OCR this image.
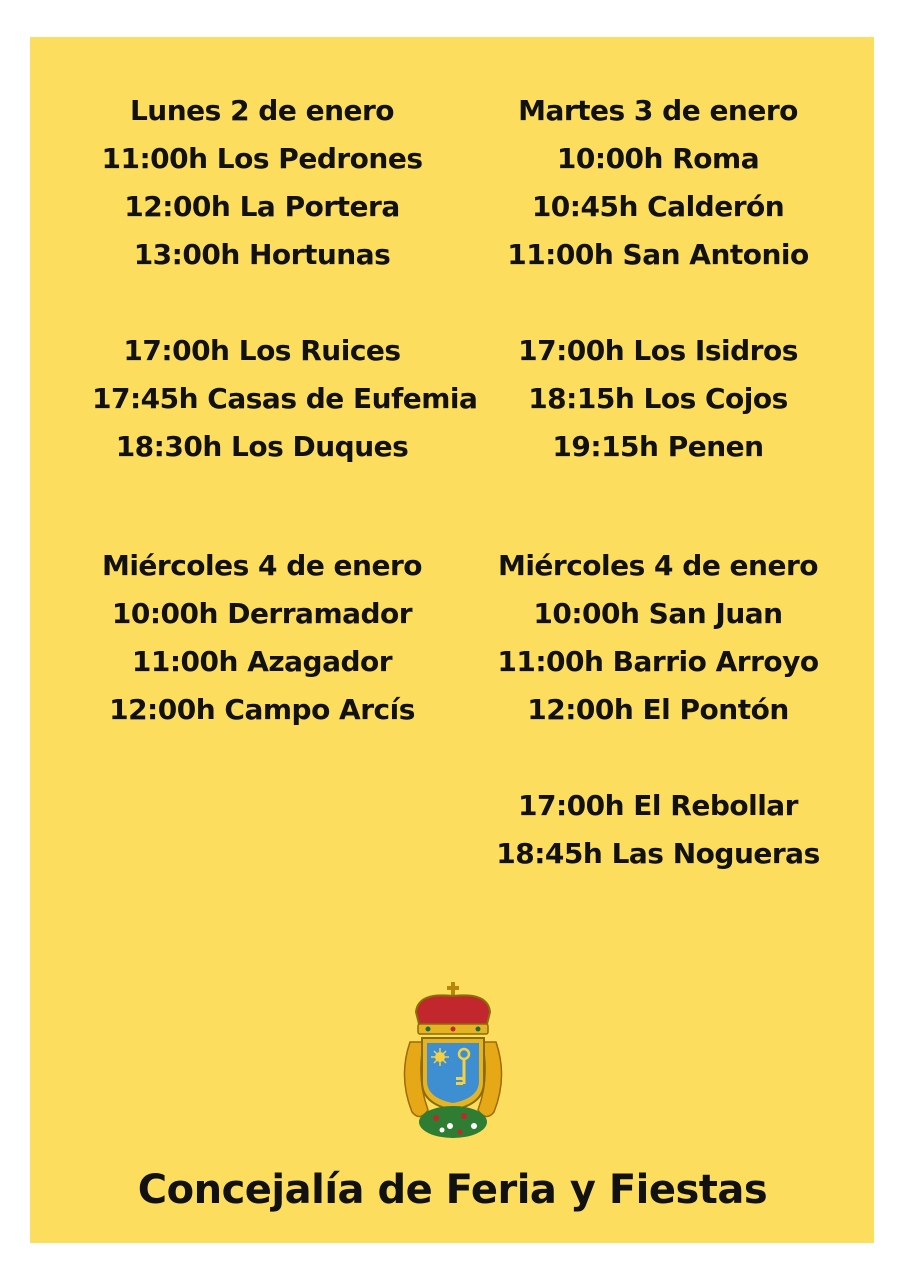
Lunes 2 de enero
11:00h Los Pedrones
12:00h La Portera
13:00h Hortunas
17:00h Los Ruices
17:45h Casas de Eufemia
18:30h Los Duques
Martes 3 de enero
10:00h Roma
10:45h Calderón
11:00h San Antonio
17:00h Los Isidros
18:15h Los Cojos
19:15h Penen
Miércoles 4 de enero
10:00h Derramador
11:00h Azagador
12:00h Campo Arcís
Miércoles 4 de enero
10:00h San Juan
11:00h Barrio Arroyo
12:00h El Pontón
17:00h El Rebollar
18:45h Las Nogueras
Concejalía de Feria y Fiestas
